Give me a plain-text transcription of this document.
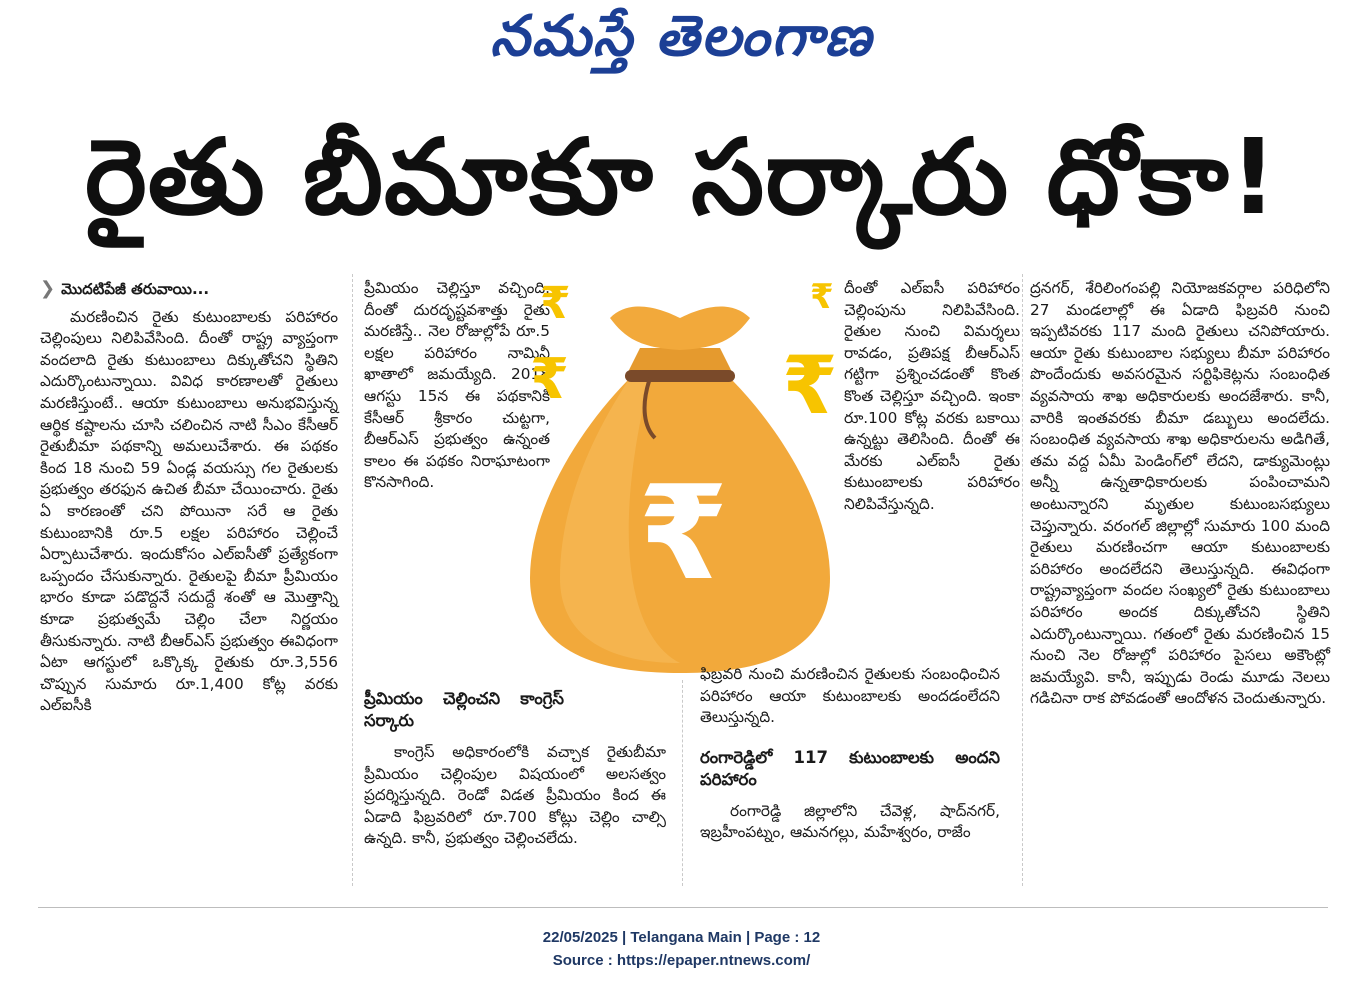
నమస్తే తెలంగాణ
రైతు బీమాకూ సర్కారు ధోకా!
❯ మొదటిపేజీ తరువాయి...

మరణించిన రైతు కుటుంబాలకు పరిహారం చెల్లింపులు నిలిపివేసింది. దీంతో రాష్ట్ర వ్యాప్తంగా వందలాది రైతు కుటుంబాలు దిక్కుతోచని స్థితిని ఎదుర్కొంటున్నాయి. వివిధ కారణాలతో రైతులు మరణిస్తుంటే.. ఆయా కుటుంబాలు అనుభవిస్తున్న ఆర్థిక కష్టాలను చూసి చలించిన నాటి సీఎం కేసీఆర్ రైతుబీమా పథకాన్ని అమలుచేశారు. ఈ పథకం కింద 18 నుంచి 59 ఏండ్ల వయస్సు గల రైతులకు ప్రభుత్వం తరఫున ఉచిత బీమా చేయించారు. రైతు ఏ కారణంతో చని పోయినా సరే ఆ రైతు కుటుంబానికి రూ.5 లక్షల పరిహారం చెల్లించే ఏర్పాటుచేశారు. ఇందుకోసం ఎల్ఐసీతో ప్రత్యేకంగా ఒప్పందం చేసుకున్నారు. రైతులపై బీమా ప్రీమియం భారం కూడా పడొద్దనే సదుద్దే శంతో ఆ మొత్తాన్ని కూడా ప్రభుత్వమే చెల్లిం చేలా నిర్ణయం తీసుకున్నారు. నాటి బీఆర్ఎస్ ప్రభుత్వం ఈవిధంగా ఏటా ఆగస్టులో ఒక్కొక్క రైతుకు రూ.3,556 చొప్పున సుమారు రూ.1,400 కోట్ల వరకు ఎల్ఐసీకి

ప్రీమియం చెల్లిస్తూ వచ్చింది. దీంతో దురదృష్టవశాత్తు రైతు మరణిస్తే.. నెల రోజుల్లోపే రూ.5 లక్షల పరిహారం నామినీ ఖాతాలో జమయ్యేది. 2018 ఆగస్టు 15న ఈ పథకానికి కేసీఆర్ శ్రీకారం చుట్టగా, బీఆర్ఎస్ ప్రభుత్వం ఉన్నంత కాలం ఈ పథకం నిరాఘాటంగా కొనసాగింది.

₹
₹
₹
₹
₹
ప్రీమియం చెల్లించని కాంగ్రెస్ సర్కారు

కాంగ్రెస్ అధికారంలోకి వచ్చాక రైతుబీమా ప్రీమియం చెల్లింపుల విషయంలో అలసత్వం ప్రదర్శిస్తున్నది. రెండో విడత ప్రీమియం కింద ఈ ఏడాది ఫిబ్రవరిలో రూ.700 కోట్లు చెల్లిం చాల్సి ఉన్నది. కానీ, ప్రభుత్వం చెల్లించలేదు.

దీంతో ఎల్ఐసీ పరిహారం చెల్లింపును నిలిపివేసింది. రైతుల నుంచి విమర్శలు రావడం, ప్రతిపక్ష బీఆర్ఎస్ గట్టిగా ప్రశ్నించడంతో కొంత కొంత చెల్లిస్తూ వచ్చింది. ఇంకా రూ.100 కోట్ల వరకు బకాయి ఉన్నట్టు తెలిసింది. దీంతో ఈ మేరకు ఎల్ఐసీ రైతు కుటుంబాలకు పరిహారం నిలిపివేస్తున్నది.

ఫిబ్రవరి నుంచి మరణించిన రైతులకు సంబంధించిన పరిహారం ఆయా కుటుంబాలకు అందడంలేదని తెలుస్తున్నది.

రంగారెడ్డిలో 117 కుటుంబాలకు అందని పరిహారం

రంగారెడ్డి జిల్లాలోని చేవెళ్ల, షాద్‌నగర్, ఇబ్రహీంపట్నం, ఆమనగల్లు, మహేశ్వరం, రాజేం

ద్రనగర్, శేరిలింగంపల్లి నియోజకవర్గాల పరిధిలోని 27 మండలాల్లో ఈ ఏడాది ఫిబ్రవరి నుంచి ఇప్పటివరకు 117 మంది రైతులు చనిపోయారు. ఆయా రైతు కుటుంబాల సభ్యులు బీమా పరిహారం పొందేందుకు అవసరమైన సర్టిఫికెట్లను సంబంధిత వ్యవసాయ శాఖ అధికారులకు అందజేశారు. కానీ, వారికి ఇంతవరకు బీమా డబ్బులు అందలేదు. సంబంధిత వ్యవసాయ శాఖ అధికారులను అడిగితే, తమ వద్ద ఏమీ పెండింగ్‌లో లేదని, డాక్యుమెంట్లు అన్నీ ఉన్నతాధికారులకు పంపించామని అంటున్నారని మృతుల కుటుంబసభ్యులు చెప్తున్నారు. వరంగల్ జిల్లాల్లో సుమారు 100 మంది రైతులు మరణించగా ఆయా కుటుంబాలకు పరిహారం అందలేదని తెలుస్తున్నది. ఈవిధంగా రాష్ట్రవ్యాప్తంగా వందల సంఖ్యలో రైతు కుటుంబాలు పరిహారం అందక దిక్కుతోచని స్థితిని ఎదుర్కొంటున్నాయి. గతంలో రైతు మరణించిన 15 నుంచి నెల రోజుల్లో పరిహారం పైసలు అకౌంట్లో జమయ్యేవి. కానీ, ఇప్పుడు రెండు మూడు నెలలు గడిచినా రాక పోవడంతో ఆందోళన చెందుతున్నారు.

22/05/2025 | Telangana Main | Page : 12
Source : https://epaper.ntnews.com/
